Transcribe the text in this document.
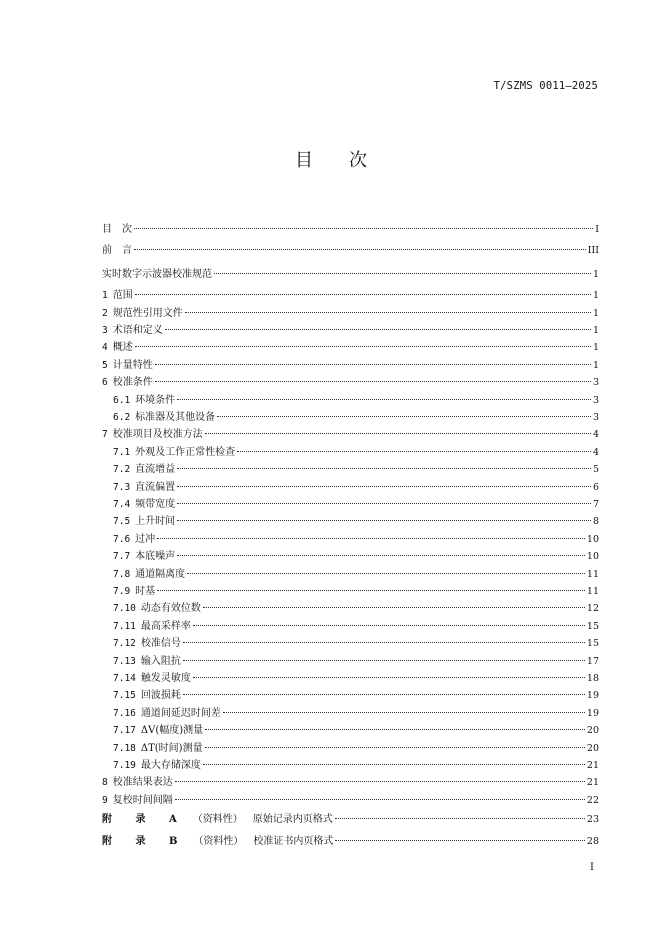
T/SZMS 0011—2025
目 次
目　次	I
前　言	III
实时数字示波器校准规范	1
1 范围	1
2 规范性引用文件	1
3 术语和定义	1
4 概述	1
5 计量特性	1
6 校准条件	3
6.1 环境条件	3
6.2 标准器及其他设备	3
7 校准项目及校准方法	4
7.1 外观及工作正常性检查	4
7.2 直流增益	5
7.3 直流偏置	6
7.4 频带宽度	7
7.5 上升时间	8
7.6 过冲	10
7.7 本底噪声	10
7.8 通道隔离度	11
7.9 时基	11
7.10 动态有效位数	12
7.11 最高采样率	15
7.12 校准信号	15
7.13 输入阻抗	17
7.14 触发灵敏度	18
7.15 回波损耗	19
7.16 通道间延迟时间差	19
7.17 ΔV(幅度)测量	20
7.18 ΔT(时间)测量	20
7.19 最大存储深度	21
8 校准结果表达	21
9 复校时间间隔	22
附 录 A （资料性） 原始记录内页格式	23
附 录 B （资料性） 校准证书内页格式	28
I
